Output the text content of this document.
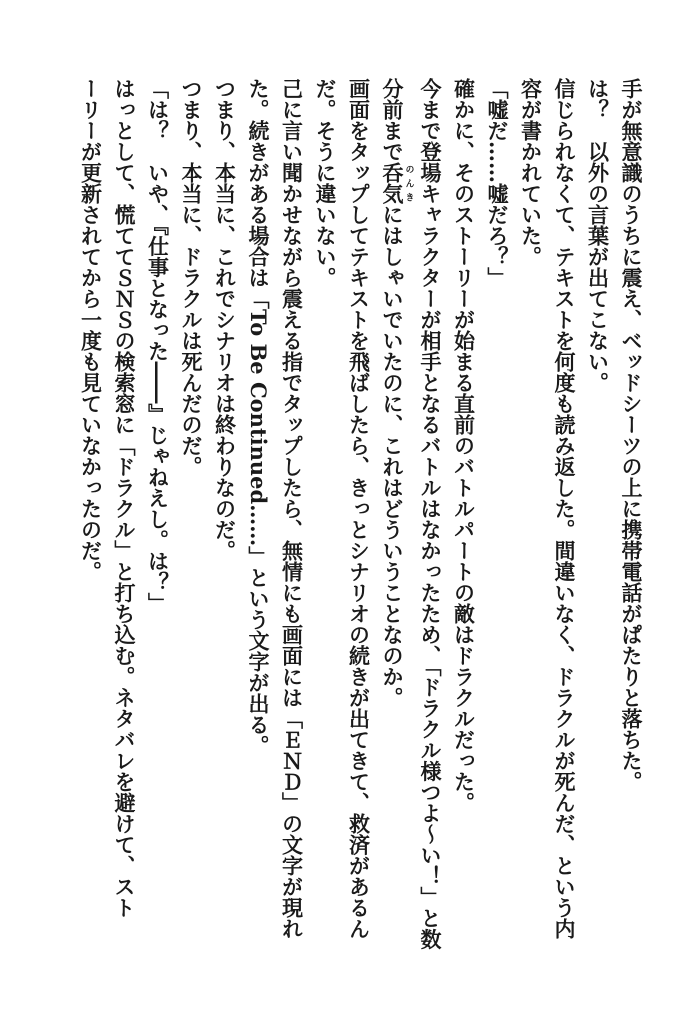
手が無意識のうちに震え、ベッドシーツの上に携帯電話がぱたりと落ちた。

は？　以外の言葉が出てこない。

信じられなくて、テキストを何度も読み返した。間違いなく、ドラクルが死んだ、という内

容が書かれていた。

「嘘だ……嘘だろ？」

確かに、そのストーリーが始まる直前のバトルパートの敵はドラクルだった。

今まで登場キャラクターが相手となるバトルはなかったため、「ドラクル様つよ～い！」と数

分前まで呑気のんきにはしゃいでいたのに、これはどういうことなのか。

画面をタップしてテキストを飛ばしたら、きっとシナリオの続きが出てきて、救済があるん

だ。そうに違いない。

己に言い聞かせながら震える指でタップしたら、無情にも画面には「ＥＮＤ」の文字が現れ

た。続きがある場合は「To Be Continued……」という文字が出る。

つまり、本当に、これでシナリオは終わりなのだ。

つまり、本当に、ドラクルは死んだのだ。

「は？　いや、『仕事となった――』じゃねえし。は？」

はっとして、慌ててＳＮＳの検索窓に「ドラクル」と打ち込む。ネタバレを避けて、スト

ーリーが更新されてから一度も見ていなかったのだ。
